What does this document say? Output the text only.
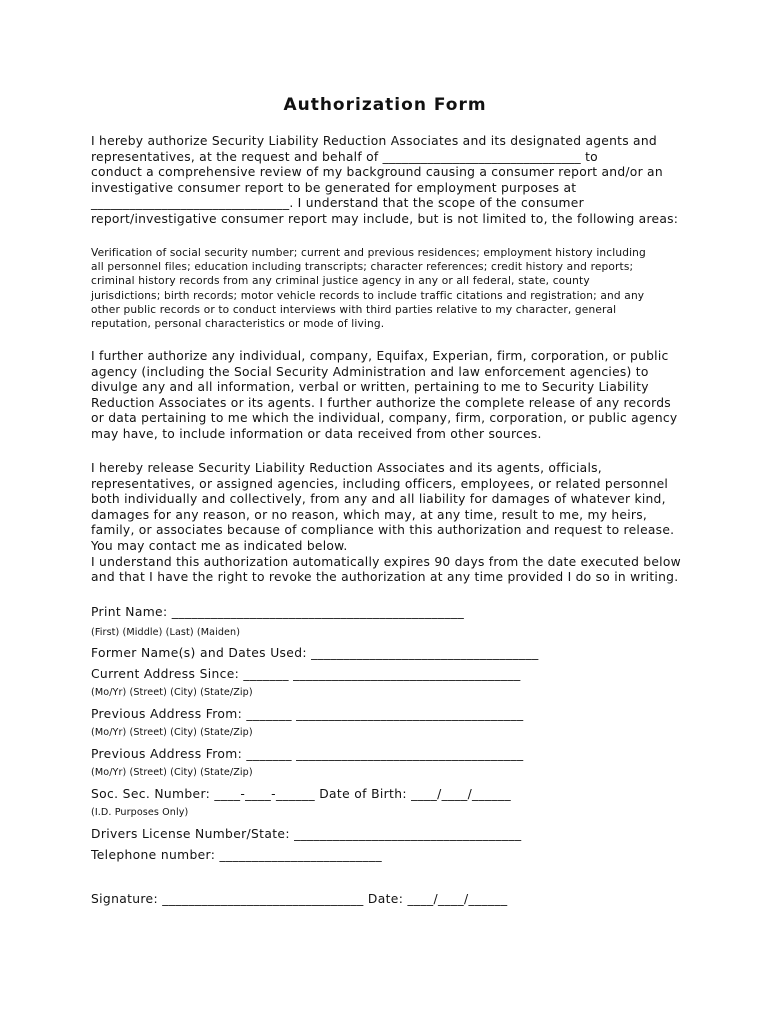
Authorization Form
I hereby authorize Security Liability Reduction Associates and its designated agents and
representatives, at the request and behalf of _______________________________ to
conduct a comprehensive review of my background causing a consumer report and/or an
investigative consumer report to be generated for employment purposes at
_______________________________. I understand that the scope of the consumer
report/investigative consumer report may include, but is not limited to, the following areas:
Verification of social security number; current and previous residences; employment history including
all personnel files; education including transcripts; character references; credit history and reports;
criminal history records from any criminal justice agency in any or all federal, state, county
jurisdictions; birth records; motor vehicle records to include traffic citations and registration; and any
other public records or to conduct interviews with third parties relative to my character, general
reputation, personal characteristics or mode of living.
I further authorize any individual, company, Equifax, Experian, firm, corporation, or public
agency (including the Social Security Administration and law enforcement agencies) to
divulge any and all information, verbal or written, pertaining to me to Security Liability
Reduction Associates or its agents. I further authorize the complete release of any records
or data pertaining to me which the individual, company, firm, corporation, or public agency
may have, to include information or data received from other sources.
I hereby release Security Liability Reduction Associates and its agents, officials,
representatives, or assigned agencies, including officers, employees, or related personnel
both individually and collectively, from any and all liability for damages of whatever kind,
damages for any reason, or no reason, which may, at any time, result to me, my heirs,
family, or associates because of compliance with this authorization and request to release.
You may contact me as indicated below.
I understand this authorization automatically expires 90 days from the date executed below
and that I have the right to revoke the authorization at any time provided I do so in writing.
Print Name: _____________________________________________
(First) (Middle) (Last) (Maiden)
Former Name(s) and Dates Used: ___________________________________
Current Address Since: _______ ___________________________________
(Mo/Yr) (Street) (City) (State/Zip)
Previous Address From: _______ ___________________________________
(Mo/Yr) (Street) (City) (State/Zip)
Previous Address From: _______ ___________________________________
(Mo/Yr) (Street) (City) (State/Zip)
Soc. Sec. Number: ____-____-______ Date of Birth: ____/____/______
(I.D. Purposes Only)
Drivers License Number/State: ___________________________________
Telephone number: _________________________
Signature: _______________________________ Date: ____/____/______
